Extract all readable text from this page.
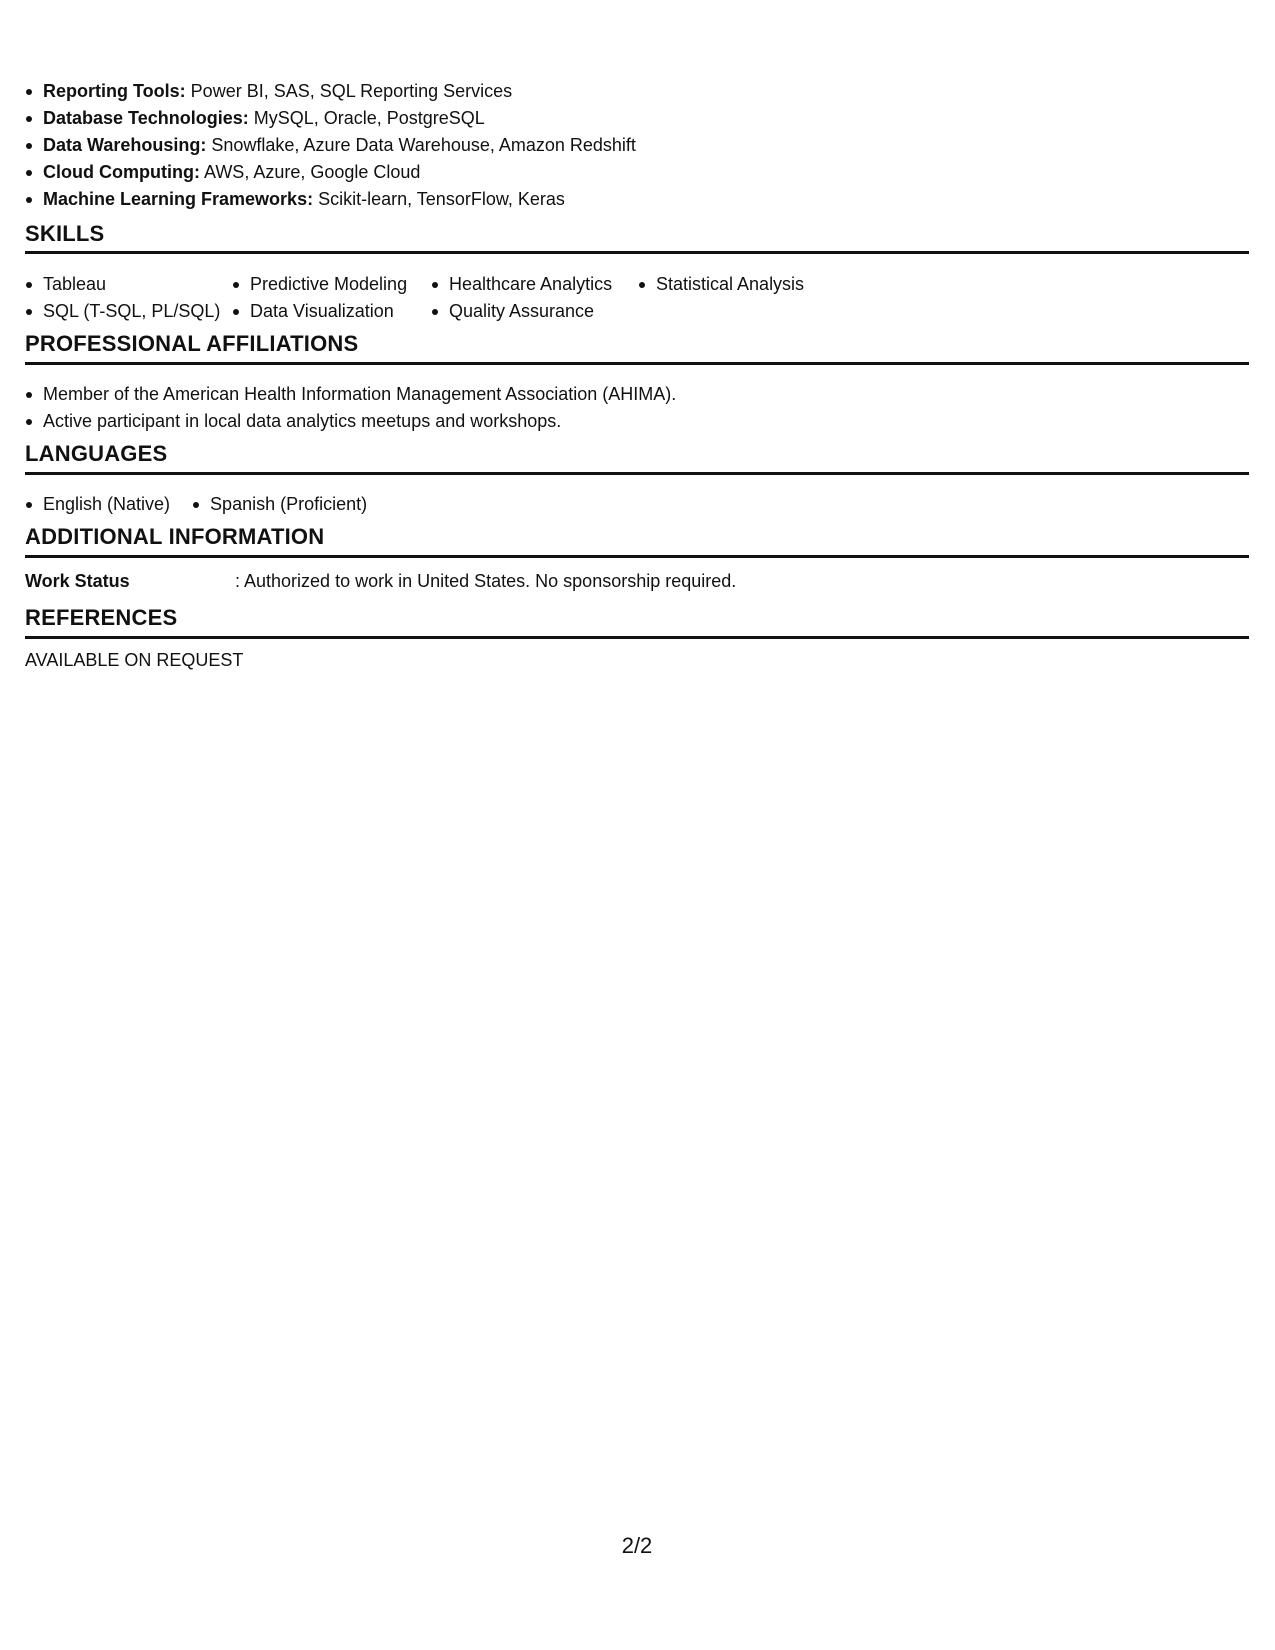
Reporting Tools: Power BI, SAS, SQL Reporting Services
Database Technologies: MySQL, Oracle, PostgreSQL
Data Warehousing: Snowflake, Azure Data Warehouse, Amazon Redshift
Cloud Computing: AWS, Azure, Google Cloud
Machine Learning Frameworks: Scikit-learn, TensorFlow, Keras
SKILLS
Tableau
SQL (T-SQL, PL/SQL)
Predictive Modeling
Data Visualization
Healthcare Analytics
Quality Assurance
Statistical Analysis
PROFESSIONAL AFFILIATIONS
Member of the American Health Information Management Association (AHIMA).
Active participant in local data analytics meetups and workshops.
LANGUAGES
English (Native)	Spanish (Proficient)
ADDITIONAL INFORMATION
Work Status	: Authorized to work in United States. No sponsorship required.
REFERENCES
AVAILABLE ON REQUEST
2/2
